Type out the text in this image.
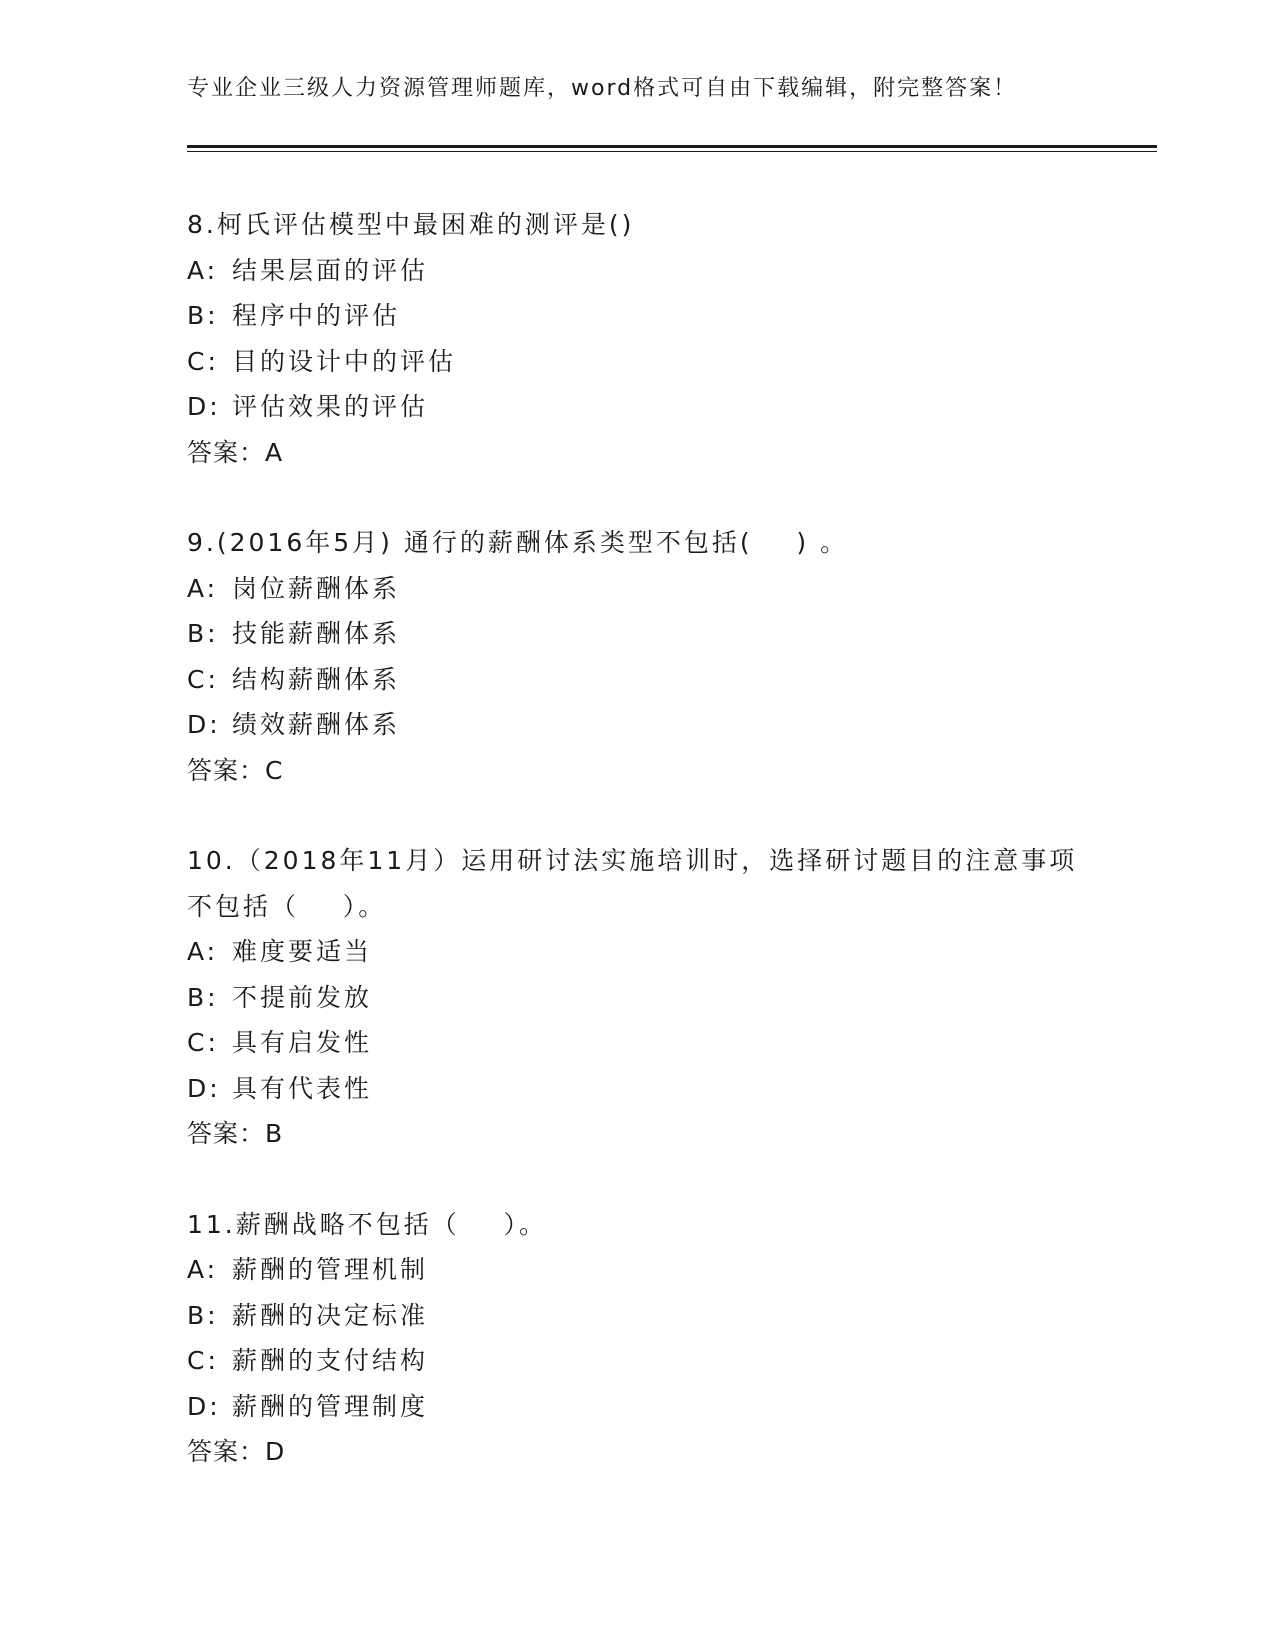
专业企业三级人力资源管理师题库，word格式可自由下载编辑，附完整答案！
8.柯氏评估模型中最困难的测评是()
A: 结果层面的评估
B: 程序中的评估
C: 目的设计中的评估
D: 评估效果的评估
答案：A
9.(2016年5月) 通行的薪酬体系类型不包括(    ) 。
A: 岗位薪酬体系
B: 技能薪酬体系
C: 结构薪酬体系
D: 绩效薪酬体系
答案：C
10.（2018年11月）运用研讨法实施培训时，选择研讨题目的注意事项不包括（    ）。
A: 难度要适当
B: 不提前发放
C: 具有启发性
D: 具有代表性
答案：B
11.薪酬战略不包括（    ）。
A: 薪酬的管理机制
B: 薪酬的决定标准
C: 薪酬的支付结构
D: 薪酬的管理制度
答案：D
